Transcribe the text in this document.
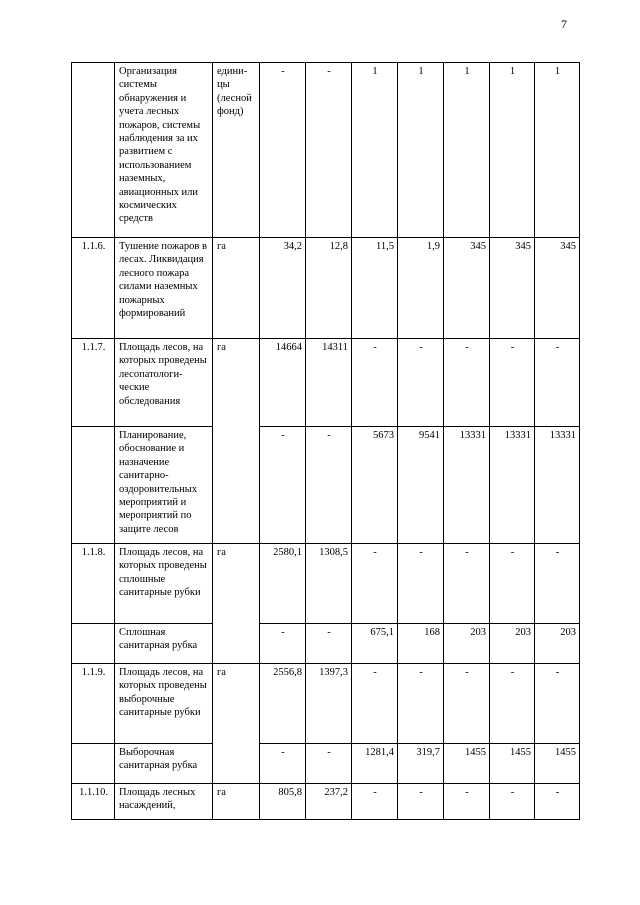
7
	Организация системы обнаружения и учета лесных пожаров, системы наблюдения за их развитием с использованием наземных, авиационных или космических средств	едини-цы (лесной фонд)	-	-	1	1	1	1	1
1.1.6.	Тушение пожаров в лесах. Ликвидация лесного пожара силами наземных пожарных формирований	га	34,2	12,8	11,5	1,9	345	345	345
1.1.7.	Площадь лесов, на которых проведены лесопатологи-ческие обследования	га	14664	14311	-	-	-	-	-
	Планирование, обоснование и назначение санитарно-оздоровительных мероприятий и мероприятий по защите лесов		-	-	5673	9541	13331	13331	13331
1.1.8.	Площадь лесов, на которых проведены сплошные санитарные рубки	га	2580,1	1308,5	-	-	-	-	-
	Сплошная санитарная рубка		-	-	675,1	168	203	203	203
1.1.9.	Площадь лесов, на которых проведены выборочные санитарные рубки	га	2556,8	1397,3	-	-	-	-	-
	Выборочная санитарная рубка		-	-	1281,4	319,7	1455	1455	1455
1.1.10.	Площадь лесных насаждений,	га	805,8	237,2	-	-	-	-	-
